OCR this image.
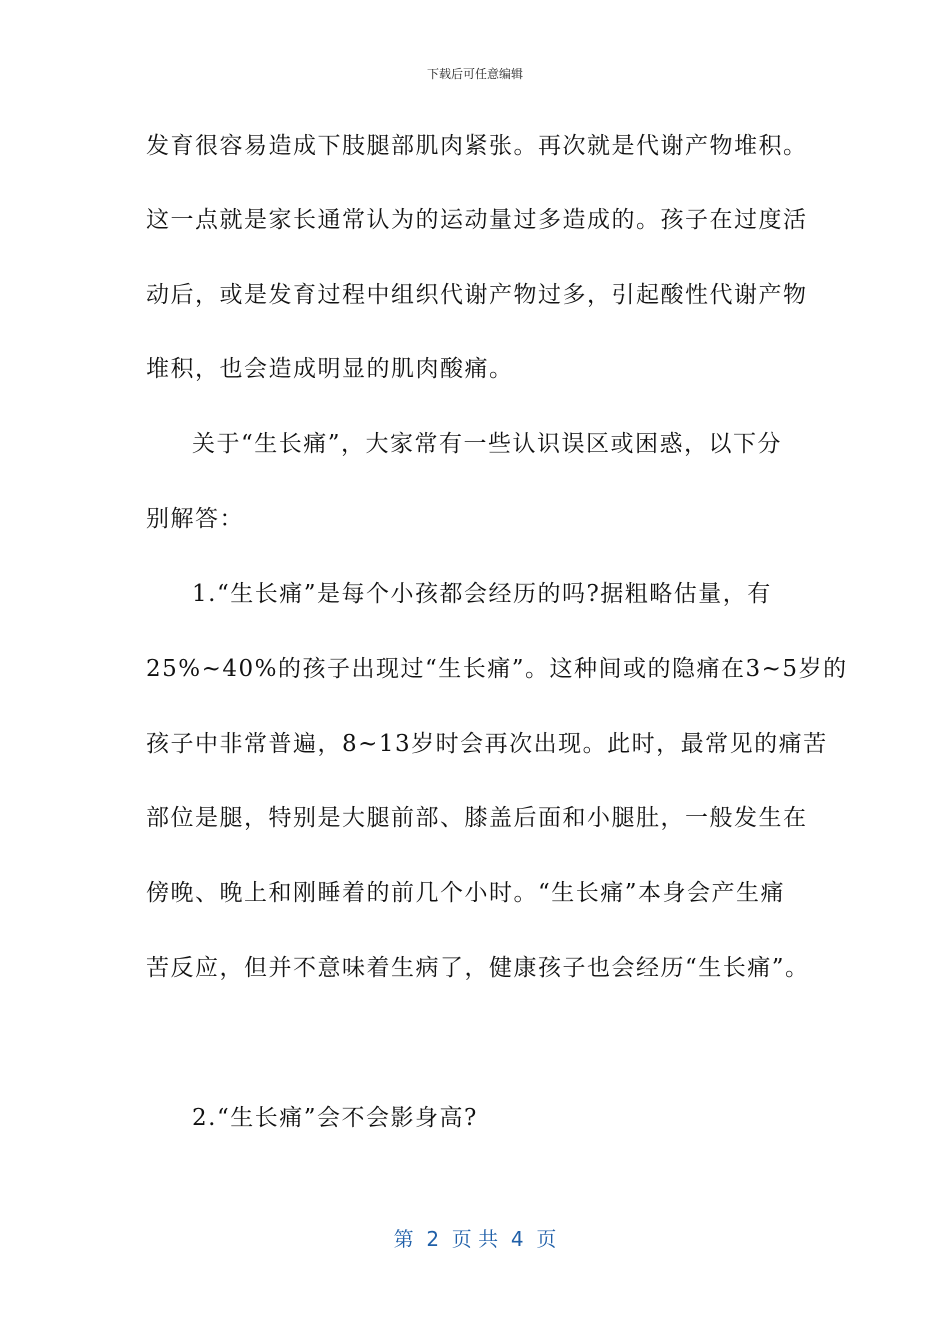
下载后可任意编辑
发育很容易造成下肢腿部肌肉紧张。再次就是代谢产物堆积。
这一点就是家长通常认为的运动量过多造成的。孩子在过度活
动后，或是发育过程中组织代谢产物过多，引起酸性代谢产物
堆积，也会造成明显的肌肉酸痛。
关于“生长痛”，大家常有一些认识误区或困惑，以下分
别解答：
1.“生长痛”是每个小孩都会经历的吗?据粗略估量，有
25%~40%的孩子出现过“生长痛”。这种间或的隐痛在3~5岁的
孩子中非常普遍，8~13岁时会再次出现。此时，最常见的痛苦
部位是腿，特别是大腿前部、膝盖后面和小腿肚，一般发生在
傍晚、晚上和刚睡着的前几个小时。“生长痛”本身会产生痛
苦反应，但并不意味着生病了，健康孩子也会经历“生长痛”。
2.“生长痛”会不会影身高?
第  2  页 共  4  页
